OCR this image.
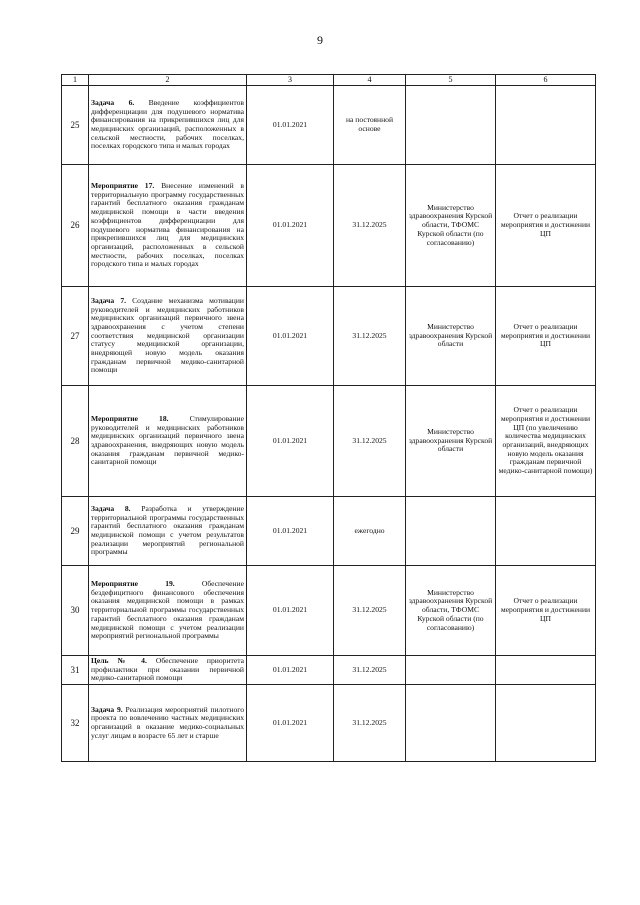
9
1	2	3	4	5	6
25	Задача 6. Введение коэффициентов дифференциации для подушевого норматива финансирования на прикрепившихся лиц для медицинских организаций, расположенных в сельской местности, рабочих поселках, поселках городского типа и малых городах	01.01.2021	на постоянной основе		
26	Мероприятие 17. Внесение изменений в территориальную программу государственных гарантий бесплатного оказания гражданам медицинской помощи в части введения коэффициентов дифференциации для подушевого норматива финансирования на прикрепившихся лиц для медицинских организаций, расположенных в сельской местности, рабочих поселках, поселках городского типа и малых городах	01.01.2021	31.12.2025	Министерство здравоохранения Курской области, ТФОМС Курской области (по согласованию)	Отчет о реализации мероприятия и достижении ЦП
27	Задача 7. Создание механизма мотивации руководителей и медицинских работников медицинских организаций первичного звена здравоохранения с учетом степени соответствия медицинской организации статусу медицинской организации, внедряющей новую модель оказания гражданам первичной медико-санитарной помощи	01.01.2021	31.12.2025	Министерство здравоохранения Курской области	Отчет о реализации мероприятия и достижении ЦП
28	Мероприятие 18. Стимулирование руководителей и медицинских работников медицинских организаций первичного звена здравоохранения, внедряющих новую модель оказания гражданам первичной медико-санитарной помощи	01.01.2021	31.12.2025	Министерство здравоохранения Курской области	Отчет о реализации мероприятия и достижении ЦП (по увеличению количества медицинских организаций, внедряющих новую модель оказания гражданам первичной медико-санитарной помощи)
29	Задача 8. Разработка и утверждение территориальной программы государственных гарантий бесплатного оказания гражданам медицинской помощи с учетом результатов реализации мероприятий региональной программы	01.01.2021	ежегодно		
30	Мероприятие 19. Обеспечение бездефицитного финансового обеспечения оказания медицинской помощи в рамках территориальной программы государственных гарантий бесплатного оказания гражданам медицинской помощи с учетом реализации мероприятий региональной программы	01.01.2021	31.12.2025	Министерство здравоохранения Курской области, ТФОМС Курской области (по согласованию)	Отчет о реализации мероприятия и достижении ЦП
31	Цель № 4. Обеспечение приоритета профилактики при оказании первичной медико-санитарной помощи	01.01.2021	31.12.2025		
32	Задача 9. Реализация мероприятий пилотного проекта по вовлечению частных медицинских организаций в оказание медико-социальных услуг лицам в возрасте 65 лет и старше	01.01.2021	31.12.2025		
